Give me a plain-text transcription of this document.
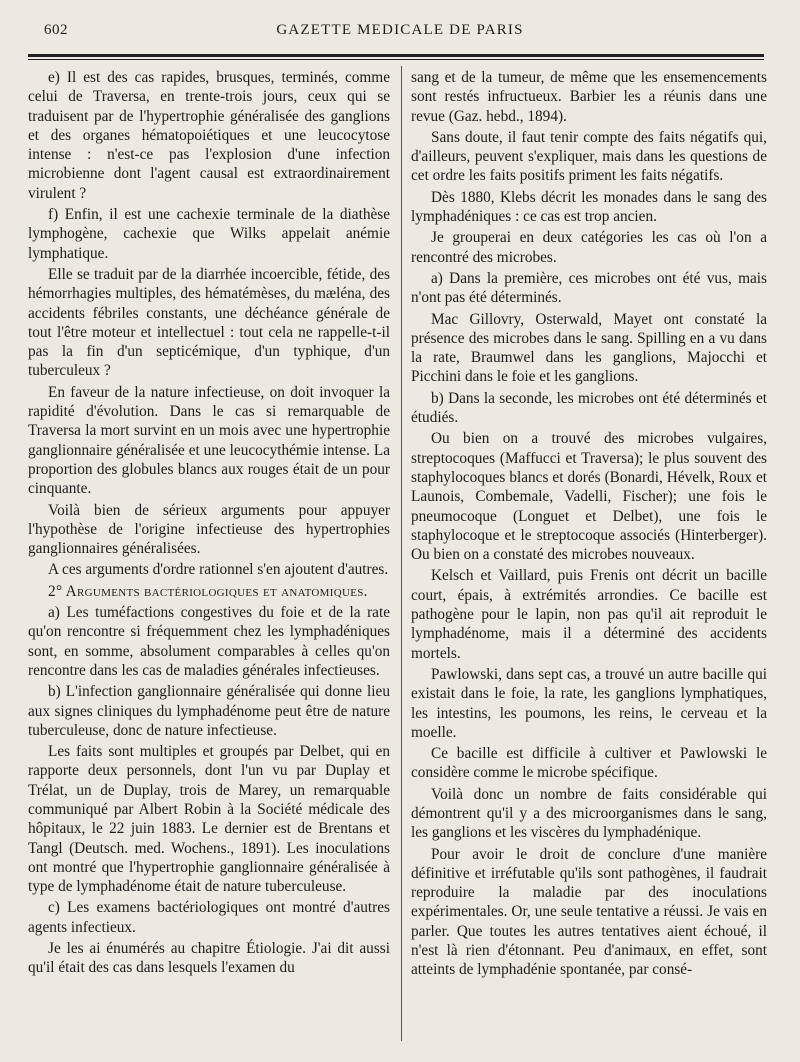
602	GAZETTE MEDICALE DE PARIS

e) Il est des cas rapides, brusques, terminés, comme celui de Traversa, en trente-trois jours, ceux qui se traduisent par de l'hypertrophie généralisée des ganglions et des organes hématopoiétiques et une leucocytose intense : n'est-ce pas l'explosion d'une infection microbienne dont l'agent causal est extraordinairement virulent ?

f) Enfin, il est une cachexie terminale de la diathèse lymphogène, cachexie que Wilks appelait anémie lymphatique.

Elle se traduit par de la diarrhée incoercible, fétide, des hémorrhagies multiples, des hématémèses, du mæléna, des accidents fébriles constants, une déchéance générale de tout l'être moteur et intellectuel : tout cela ne rappelle-t-il pas la fin d'un septicémique, d'un typhique, d'un tuberculeux ?

En faveur de la nature infectieuse, on doit invoquer la rapidité d'évolution. Dans le cas si remarquable de Traversa la mort survint en un mois avec une hypertrophie ganglionnaire généralisée et une leucocythémie intense. La proportion des globules blancs aux rouges était de un pour cinquante.

Voilà bien de sérieux arguments pour appuyer l'hypothèse de l'origine infectieuse des hypertrophies ganglionnaires généralisées.

A ces arguments d'ordre rationnel s'en ajoutent d'autres.

2° Arguments bactériologiques et anatomiques.

a) Les tuméfactions congestives du foie et de la rate qu'on rencontre si fréquemment chez les lymphadéniques sont, en somme, absolument comparables à celles qu'on rencontre dans les cas de maladies générales infectieuses.

b) L'infection ganglionnaire généralisée qui donne lieu aux signes cliniques du lymphadénome peut être de nature tuberculeuse, donc de nature infectieuse.

Les faits sont multiples et groupés par Delbet, qui en rapporte deux personnels, dont l'un vu par Duplay et Trélat, un de Duplay, trois de Marey, un remarquable communiqué par Albert Robin à la Société médicale des hôpitaux, le 22 juin 1883. Le dernier est de Brentans et Tangl (Deutsch. med. Wochens., 1891). Les inoculations ont montré que l'hypertrophie ganglionnaire généralisée à type de lymphadénome était de nature tuberculeuse.

c) Les examens bactériologiques ont montré d'autres agents infectieux.

Je les ai énumérés au chapitre Étiologie. J'ai dit aussi qu'il était des cas dans lesquels l'examen du

sang et de la tumeur, de même que les ensemencements sont restés infructueux. Barbier les a réunis dans une revue (Gaz. hebd., 1894).

Sans doute, il faut tenir compte des faits négatifs qui, d'ailleurs, peuvent s'expliquer, mais dans les questions de cet ordre les faits positifs priment les faits négatifs.

Dès 1880, Klebs décrit les monades dans le sang des lymphadéniques : ce cas est trop ancien.

Je grouperai en deux catégories les cas où l'on a rencontré des microbes.

a) Dans la première, ces microbes ont été vus, mais n'ont pas été déterminés.

Mac Gillovry, Osterwald, Mayet ont constaté la présence des microbes dans le sang. Spilling en a vu dans la rate, Braumwel dans les ganglions, Majocchi et Picchini dans le foie et les ganglions.

b) Dans la seconde, les microbes ont été déterminés et étudiés.

Ou bien on a trouvé des microbes vulgaires, streptocoques (Maffucci et Traversa); le plus souvent des staphylocoques blancs et dorés (Bonardi, Hévelk, Roux et Launois, Combemale, Vadelli, Fischer); une fois le pneumocoque (Longuet et Delbet), une fois le staphylocoque et le streptocoque associés (Hinterberger). Ou bien on a constaté des microbes nouveaux.

Kelsch et Vaillard, puis Frenis ont décrit un bacille court, épais, à extrémités arrondies. Ce bacille est pathogène pour le lapin, non pas qu'il ait reproduit le lymphadénome, mais il a déterminé des accidents mortels.

Pawlowski, dans sept cas, a trouvé un autre bacille qui existait dans le foie, la rate, les ganglions lymphatiques, les intestins, les poumons, les reins, le cerveau et la moelle.

Ce bacille est difficile à cultiver et Pawlowski le considère comme le microbe spécifique.

Voilà donc un nombre de faits considérable qui démontrent qu'il y a des microorganismes dans le sang, les ganglions et les viscères du lymphadénique.

Pour avoir le droit de conclure d'une manière définitive et irréfutable qu'ils sont pathogènes, il faudrait reproduire la maladie par des inoculations expérimentales. Or, une seule tentative a réussi. Je vais en parler. Que toutes les autres tentatives aient échoué, il n'est là rien d'étonnant. Peu d'animaux, en effet, sont atteints de lymphadénie spontanée, par consé-
